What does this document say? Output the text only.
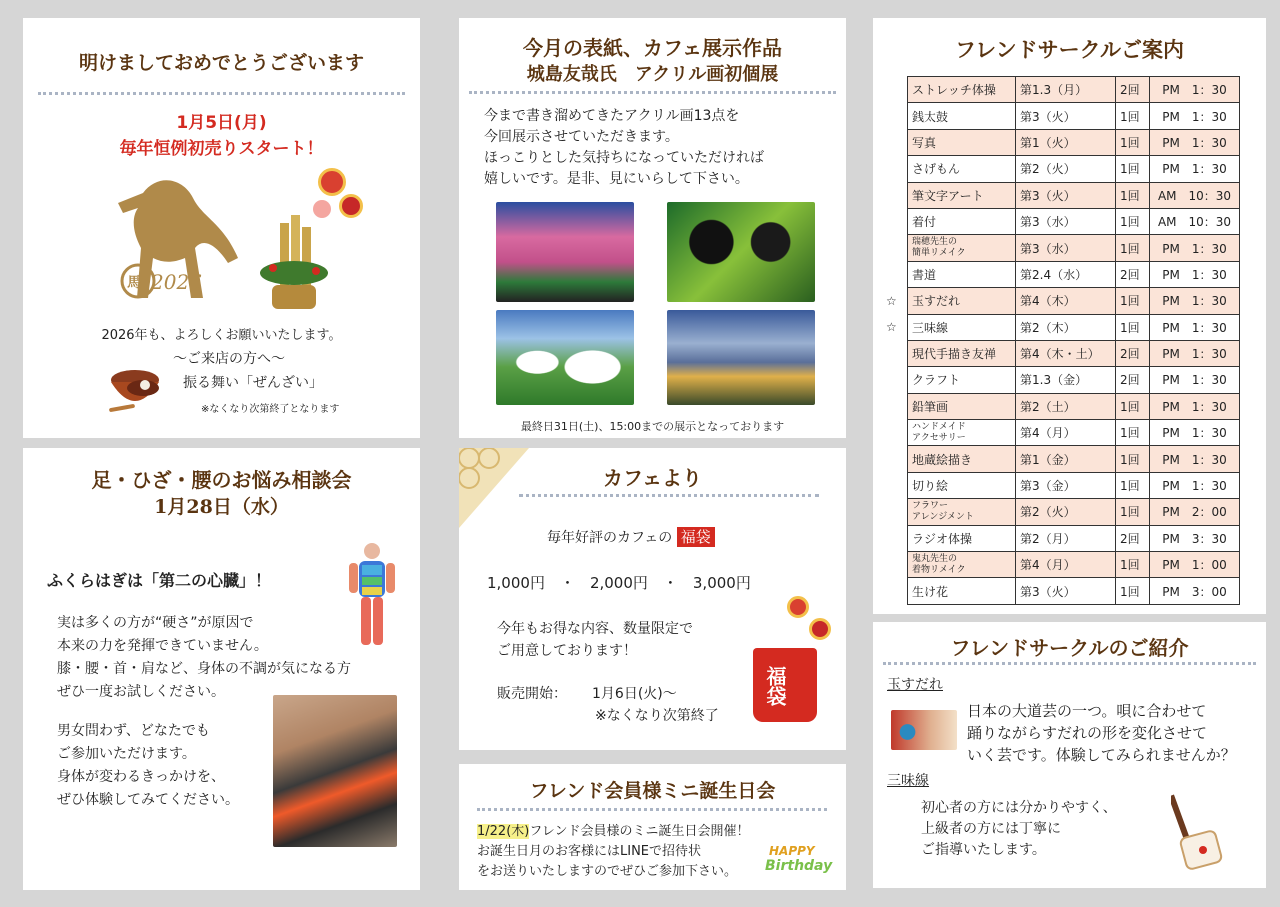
明けましておめでとうございます
1月5日(月)
毎年恒例初売りスタート！
馬 2026
2026年も、よろしくお願いいたします。
～ご来店の方へ～
振る舞い「ぜんざい」
※なくなり次第終了となります
今月の表紙、カフェ展示作品
城島友哉氏　アクリル画初個展
今まで書き溜めてきたアクリル画13点を
今回展示させていただきます。
ほっこりとした気持ちになっていただければ
嬉しいです。是非、見にいらして下さい。
最終日31日(土)、15:00までの展示となっております
フレンドサークルご案内
ストレッチ体操	第1.3（月）	2回	PM　1：30
銭太鼓	第3（火）	1回	PM　1：30
写真	第1（火）	1回	PM　1：30
さげもん	第2（火）	1回	PM　1：30
筆文字アート	第3（火）	1回	AM　10：30
着付	第3（水）	1回	AM　10：30

瑞穂先生の
簡単リメイク	第3（水）	1回	PM　1：30
書道	第2.4（水）	2回	PM　1：30
玉すだれ	第4（木）	1回	PM　1：30
三味線	第2（木）	1回	PM　1：30
現代手描き友禅	第4（木・土）	2回	PM　1：30
クラフト	第1.3（金）	2回	PM　1：30
鉛筆画	第2（土）	1回	PM　1：30

ハンドメイド
アクセサリー	第4（月）	1回	PM　1：30
地蔵絵描き	第1（金）	1回	PM　1：30
切り絵	第3（金）	1回	PM　1：30

フラワー
アレンジメント	第2（火）	1回	PM　2：00
ラジオ体操	第2（月）	2回	PM　3：30

鬼丸先生の
着物リメイク	第4（月）	1回	PM　1：00
生け花	第3（火）	1回	PM　3：00
☆
☆
足・ひざ・腰のお悩み相談会
1月28日（水）
ふくらはぎは「第二の心臓」！
実は多くの方が“硬さ”が原因で
本来の力を発揮できていません。
膝・腰・首・肩など、身体の不調が気になる方
ぜひ一度お試しください。
男女問わず、どなたでも
ご参加いただけます。
身体が変わるきっかけを、
ぜひ体験してみてください。
カフェより
毎年好評のカフェの 福袋
1,000円　・　2,000円　・　3,000円
今年もお得な内容、数量限定で
ご用意しております！
販売開始： 1月6日(火)～
※なくなり次第終了
福袋
フレンド会員様ミニ誕生日会
1/22(木)フレンド会員様のミニ誕生日会開催！
お誕生日月のお客様にはLINEで招待状
をお送りいたしますのでぜひご参加下さい。
HAPPY
Birthday
フレンドサークルのご紹介
玉すだれ
日本の大道芸の一つ。唄に合わせて
踊りながらすだれの形を変化させて
いく芸です。体験してみられませんか？
三味線
初心者の方には分かりやすく、
上級者の方には丁寧に
ご指導いたします。
